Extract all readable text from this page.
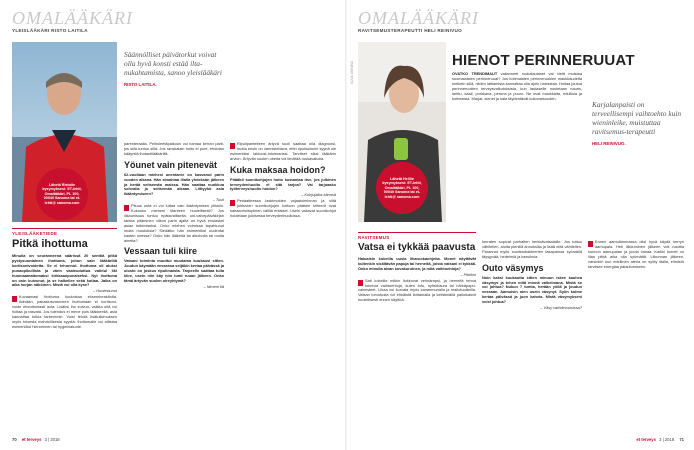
OMALÄÄKÄRI
YLEISLÄÄKÄRI RISTO LAITILA
Lähetä Ristolle kysymyksesi: ET-lehti, Omalääkäri, PL 100, 00040 Sanoma tai et-lehti@ sanoma.com
Säännölliset päivätorkut voivat olla hyvä konsti estää ilta-nukahtamista, sanoo yleislääkäri
RISTO LAITILA.
YLEISLÄÄKETIEDE
Pitkä ihottuma

Minulla on seuranneena säärissä 20 senttiä pitkä pystysuuntainen ihottuma, johon sain lääkäriltä kortisonivoidetta. Se ei tehonnut. Ihottuma oli aluksi punaoplkullista ja värin vaaleuduttua vaihtui liki huomaamattomaksi kirkkaanpunaiseksi. Nyt ihottuma on osin kuivunut, ja se halkeilee sekä kutiaa. Jalka on aika hurjan näköinen. Mistä voi olla kyse?

– Huolestunut

Kuvaamasi ihottuma kuulostaa eksemireaktiolta. Ikävään, pakastusvaroneen ihottumaan ei kortisoni-voide ehdottomasti auta. Lisäksi iho kuivuu, vaikka sitä voi hoitaa ja rasvata. Jos tulehdus ei mene pois lääkkeellä, asia kannattaa tutkia tarkemmin. Voisi tehdä lisätutkimuksen myös toisesta mahdollisesta syystä: ihottumalle voi altistaa esimerkiksi hierominen tai hygieniatuote.

parenteraalia. Pelitoleetäpaikoon voi tointaa kerran parti, jos sillä tuntuu sillä. Jos ranskalain hoito ei pure, ehdotan kääyntiä ihotautilääkärillä.

Yöunet vain pitenevät

62-vuotiaan miehesi unentarve on kasvanut parin vuoden aikana. Hän simahtaa illalla yhdeksän jälkeen ja herää seitsemän maissa. Hän saattaa nuokkua sohvalla jo seitsemän aikaan. Liittyykö asia ikääntymiseen?

– Tuuli

Pituus unta ei voi luttaa vain ikääntymisen piikkiin. Kokooko mieheni tilanteen huolellisesti? Jos liikaunisuus tuntuu epätavalliselta, uni-valvepäiväkirjan tarkka pitäminen viikon parin ajalta on hyvä ensiaskel asian tutkimiseksi. Onko miehen voimissa tapahtunut muita muutoksia? Siedätko hän esimerkiksi uudentai kasten unessa? Onko hän lääkeitä tai alkoholia tai muita aineita?

Vessaan tuli kiire

Vatsani toiminta muuttui muutama kuukausi sitten. Joudun käymään vessassa seljäkin kertaa päivässä ja ulosto on joskus ripulimaista. Tarpeelle saattaa tulla kiire, usein niin käy niin tunti ruuan jälkeen. Onko tämä ärtyvän suolen oireyhtymä?

– Nimeni tiä

Ripulipantetteen ärtyvä suoli saattaa olla diagnoosi, mutta ensin on varmistettava, ettei ripulisoinnin syynä ole esimerkiksi laktoosi-intoleranssi. Tarvitset siksi lääkärin arvion. Ärtyvän suolen oireita voi lievittää ruokavaliolla.

Kuka maksaa hoidon?

Pitääkö suonikohjujen hoito kustantaa itse, jos julkinen terveydenhuolto ei sitä tarjoa? Vai tarjoaako työterveyshuolto hoidon?

– Kohjujalka kännsä

Periaatteessa laskimoiden vajaatoiminnan ja siitä johtuvien suonikohjujen hoitoon pääsee kriteerit ovat sairaanhoitopiirien välillä erilaiset. Usein vakavat suonikohjut hoidetaan julkisessa terveydenhuollossa.

70 et terveys 3 | 2018
OMALÄÄKÄRI
RAVITSEMUSTERAPEUTTI HELI REINIVUO
KUVA: ANNIINA
Lähetä Helille kysymyksesi: ET-lehti, Omalääkäri, PL 100, 00040 Sanoma tai et-lehti@ sanoma.com
HIENOT PERINNERUUAT

OVATKO TRENDIMAUT vallanneet ruokalautaset vai vielä muistaa suomalaisten perinneruuat? Jos kotimaisten perinneruokien maukkaudelta melkein sillä, niiden lattiamista kannattaa olla ajoin harrastaa. Hoitaa joutua perinneruokien terveysvaikutuksista, kun lautaselle nostetaan nauris, lanttu, kaali, porkkana, peruna ja puuro. Ne ovat maukkaita, edullisia ja kotimaisia. Marjat, sienet ja kala täydentävät kokonaisuuden.

Karjalanpaisti on terveellisempi vaihtoehto kuin wieninleike, muistuttaa ravitsemus-terapeutti
HELI REINIVUO.
RAVITSEMUS
Vatsa ei tykkää paavusta

Haluaisin kokeilla uusia liharuokaohjeita. Monet näyttävät kuitenkin sisältävän papuja tai herneitä, joista vatsani ei tykkää. Onko minulla aivan kovakuruinen, ja mitä vaihtoehtoja?

– Pitkikin

Sait kokeilla mitkin liukkuvat vehnärapsi- ja herneitä tehoa toimivia vaihtoehtoja, kuten tofu, nyhtökaura tai härkäpapu-valmisteet. Lihaa voi korvata myös kananmunalla ja maitotuotteilla. Vatsan turvotusta voi ehkäistä liottamalla ja keittämällä palkokasvit huolellisesti ennen käyttöä.

kerraten sopivat parhaiten herkkävatsaisille. Jos tottuu vähitellen, aloita pienillä annoksilla ja lisää niitä vähitellen. Parannat myös suolistobakteerien tasapainoa syömällä täysjyvää, hedelmiä ja kasviksia.

Outo väsymys

Noin kaksi kuukautta sitten minuun iskee kauhea väsymys ja tehen mitä minnä valkeimana. Mistä se voi johtua? Nukun 7 tuntia, herään yöllä ja joudun vessaan. Aamuisin olen usein väsynyt. Syön kolme kertaa päivässä ja juon kahvia. Mistä väsymykseni voisi johtua?

– Väsy vaihdevuosissa?

Ennen aamulämmassa olisi hyvä käydä kerryn aamupala. Heti liikkuminen jälkeen voit nauttia kunnon aamupalan ja juoda vanaa. Kaikki tunnet on liian pitkä aika olla syömättä. Liikunnan jälkeen, varsinkin kun edellinen ateria on syöty iltalla, elimistö tarvitsee energiaa palautumiseen.

et terveys 3 | 2018 71
